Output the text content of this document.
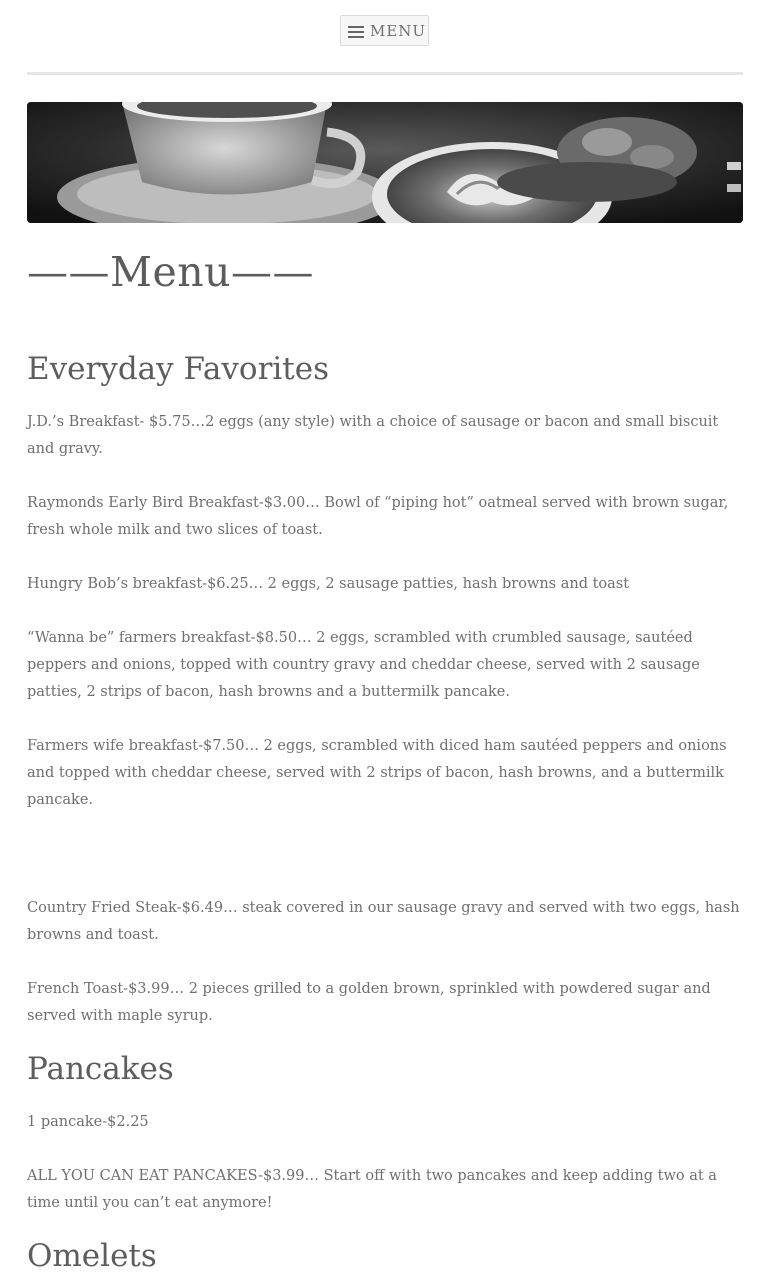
MENU
——Menu——
Everyday Favorites

J.D.’s Breakfast- $5.75…2 eggs (any style) with a choice of sausage or bacon and small biscuit and gravy.

Raymonds Early Bird Breakfast-$3.00… Bowl of “piping hot” oatmeal served with brown sugar, fresh whole milk and two slices of toast.

Hungry Bob’s breakfast-$6.25… 2 eggs, 2 sausage patties, hash browns and toast

“Wanna be” farmers breakfast-$8.50… 2 eggs, scrambled with crumbled sausage, sautéed peppers and onions, topped with country gravy and cheddar cheese, served with 2 sausage patties, 2 strips of bacon, hash browns and a buttermilk pancake.

Farmers wife breakfast-$7.50… 2 eggs, scrambled with diced ham sautéed peppers and onions and topped with cheddar cheese, served with 2 strips of bacon, hash browns, and a buttermilk pancake.

Country Fried Steak-$6.49… steak covered in our sausage gravy and served with two eggs, hash browns and toast.

French Toast-$3.99… 2 pieces grilled to a golden brown, sprinkled with powdered sugar and served with maple syrup.

Pancakes

1 pancake-$2.25

ALL YOU CAN EAT PANCAKES-$3.99… Start off with two pancakes and keep adding two at a time until you can’t eat anymore!

Omelets
